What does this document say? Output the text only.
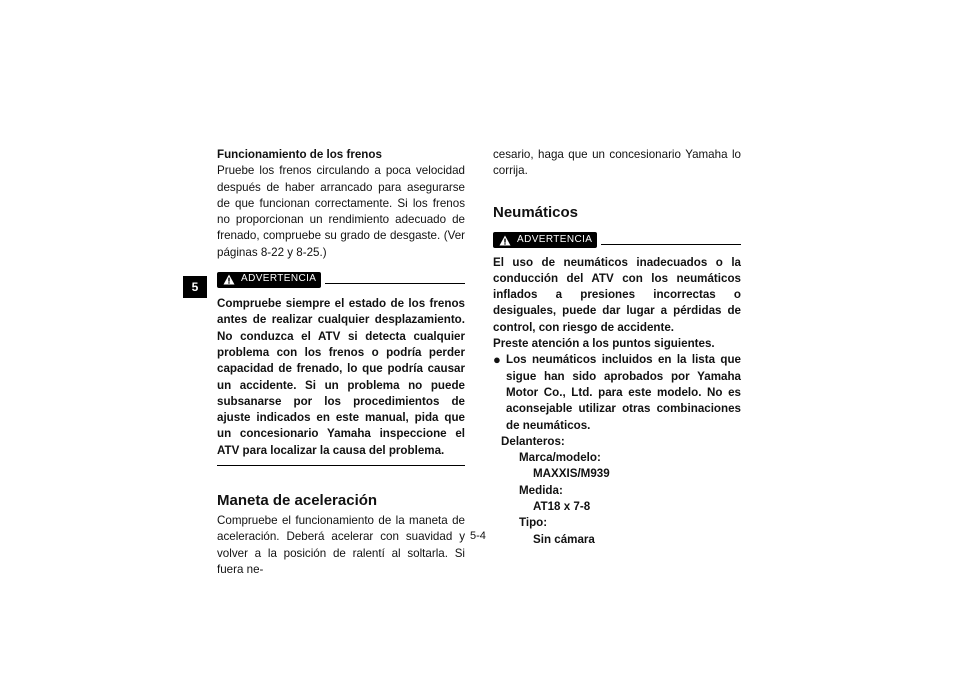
5

Funcionamiento de los frenos

Pruebe los frenos circulando a poca velocidad después de haber arrancado para asegurarse de que funcionan correctamente. Si los frenos no proporcionan un rendimiento adecuado de frenado, compruebe su grado de desgaste. (Ver páginas 8-22 y 8-25.)

ADVERTENCIA

Compruebe siempre el estado de los frenos antes de realizar cualquier desplazamiento. No conduzca el ATV si detecta cualquier problema con los frenos o podría perder capacidad de frenado, lo que podría causar un accidente. Si un problema no puede subsanarse por los procedimientos de ajuste indicados en este manual, pida que un concesionario Yamaha inspeccione el ATV para localizar la causa del problema.

Maneta de aceleración

Compruebe el funcionamiento de la maneta de aceleración. Deberá acelerar con suavidad y volver a la posición de ralentí al soltarla. Si fuera ne-

cesario, haga que un concesionario Yamaha lo corrija.

Neumáticos
ADVERTENCIA

El uso de neumáticos inadecuados o la conducción del ATV con los neumáticos inflados a presiones incorrectas o desiguales, puede dar lugar a pérdidas de control, con riesgo de accidente.

Preste atención a los puntos siguientes.

● Los neumáticos incluidos en la lista que sigue han sido aprobados por Yamaha Motor Co., Ltd. para este modelo. No es aconsejable utilizar otras combinaciones de neumáticos.
Delanteros:
Marca/modelo:
MAXXIS/M939
Medida:
AT18 x 7-8
Tipo:
Sin cámara
5-4
